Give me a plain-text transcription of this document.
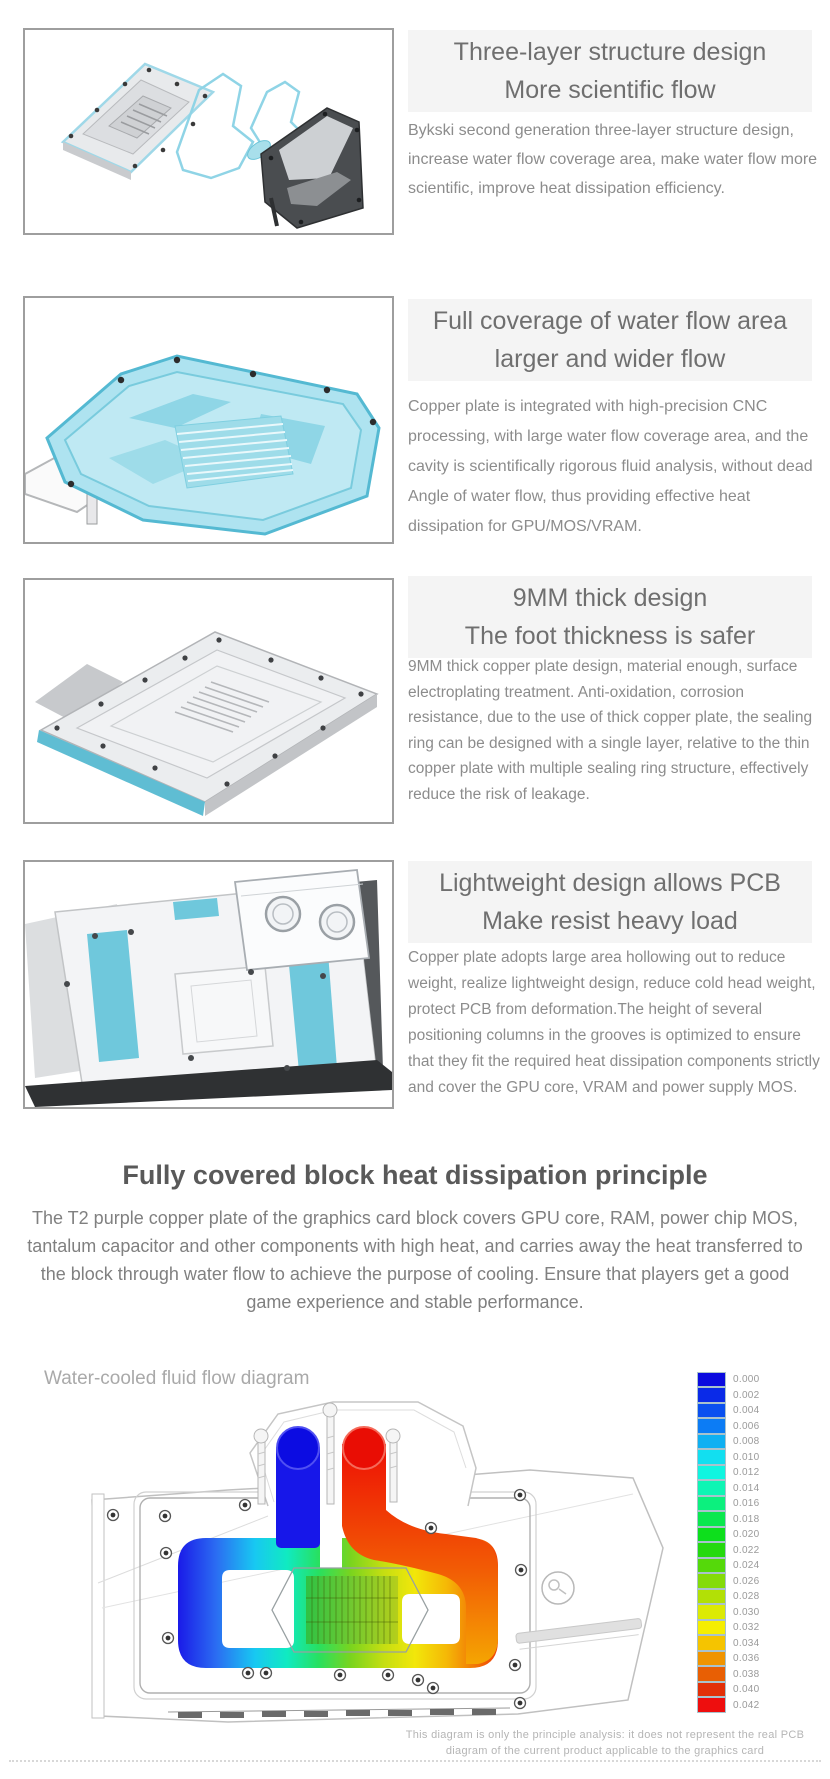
Three-layer structure design
More scientific flow
Bykski second generation three-layer structure design, increase water flow coverage area, make water flow more scientific, improve heat dissipation efficiency.
Full coverage of water flow area
larger and wider flow
Copper plate is integrated with high-precision CNC processing, with large water flow coverage area, and the cavity is scientifically rigorous fluid analysis, without dead Angle of water flow, thus providing effective heat dissipation for GPU/MOS/VRAM.
9MM thick design
The foot thickness is safer
9MM thick copper plate design, material enough, surface electroplating treatment. Anti-oxidation, corrosion resistance, due to the use of thick copper plate, the sealing ring can be designed with a single layer, relative to the thin copper plate with multiple sealing ring structure, effectively reduce the risk of leakage.
Lightweight design allows PCB
Make resist heavy load
Copper plate adopts large area hollowing out to reduce weight, realize lightweight design, reduce cold head weight, protect PCB from deformation.The height of several positioning columns in the grooves is optimized to ensure that they fit the required heat dissipation components strictly and cover the GPU core, VRAM and power supply MOS.
Fully covered block heat dissipation principle
The T2 purple copper plate of the graphics card block covers GPU core, RAM, power chip MOS, tantalum capacitor and other components with high heat, and carries away the heat transferred to the block through water flow to achieve the purpose of cooling. Ensure that players get a good game experience and stable performance.
Water-cooled fluid flow diagram	0.000
0.002
0.004
0.006
0.008
0.010
0.012
0.014
0.016
0.018
0.020
0.022
0.024
0.026
0.028
0.030
0.032
0.034
0.036
0.038
0.040
0.042
This diagram is only the principle analysis: it does not represent the real PCB
diagram of the current product applicable to the graphics card
